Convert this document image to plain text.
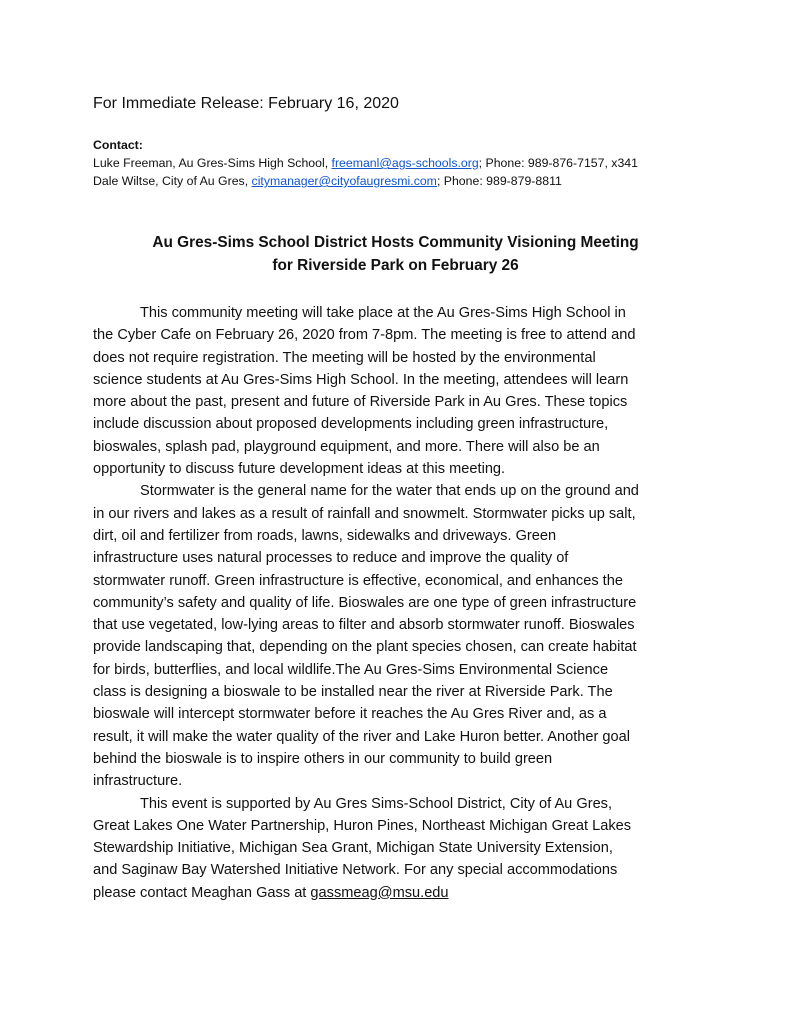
For Immediate Release: February 16, 2020
Contact:
Luke Freeman, Au Gres-Sims High School, freemanl@ags-schools.org; Phone: 989-876-7157, x341
Dale Wiltse, City of Au Gres, citymanager@cityofaugresmi.com; Phone: 989-879-8811
Au Gres-Sims School District Hosts Community Visioning Meeting
for Riverside Park on February 26
This community meeting will take place at the Au Gres-Sims High School in
the Cyber Cafe on February 26, 2020 from 7-8pm. The meeting is free to attend and
does not require registration. The meeting will be hosted by the environmental
science students at Au Gres-Sims High School. In the meeting, attendees will learn
more about the past, present and future of Riverside Park in Au Gres. These topics
include discussion about proposed developments including green infrastructure,
bioswales, splash pad, playground equipment, and more. There will also be an
opportunity to discuss future development ideas at this meeting.
Stormwater is the general name for the water that ends up on the ground and
in our rivers and lakes as a result of rainfall and snowmelt. Stormwater picks up salt,
dirt, oil and fertilizer from roads, lawns, sidewalks and driveways. Green
infrastructure uses natural processes to reduce and improve the quality of
stormwater runoff. Green infrastructure is effective, economical, and enhances the
community’s safety and quality of life. Bioswales are one type of green infrastructure
that use vegetated, low-lying areas to filter and absorb stormwater runoff. Bioswales
provide landscaping that, depending on the plant species chosen, can create habitat
for birds, butterflies, and local wildlife.The Au Gres-Sims Environmental Science
class is designing a bioswale to be installed near the river at Riverside Park. The
bioswale will intercept stormwater before it reaches the Au Gres River and, as a
result, it will make the water quality of the river and Lake Huron better. Another goal
behind the bioswale is to inspire others in our community to build green
infrastructure.
This event is supported by Au Gres Sims-School District, City of Au Gres,
Great Lakes One Water Partnership, Huron Pines, Northeast Michigan Great Lakes
Stewardship Initiative, Michigan Sea Grant, Michigan State University Extension,
and Saginaw Bay Watershed Initiative Network. For any special accommodations
please contact Meaghan Gass at gassmeag@msu.edu
